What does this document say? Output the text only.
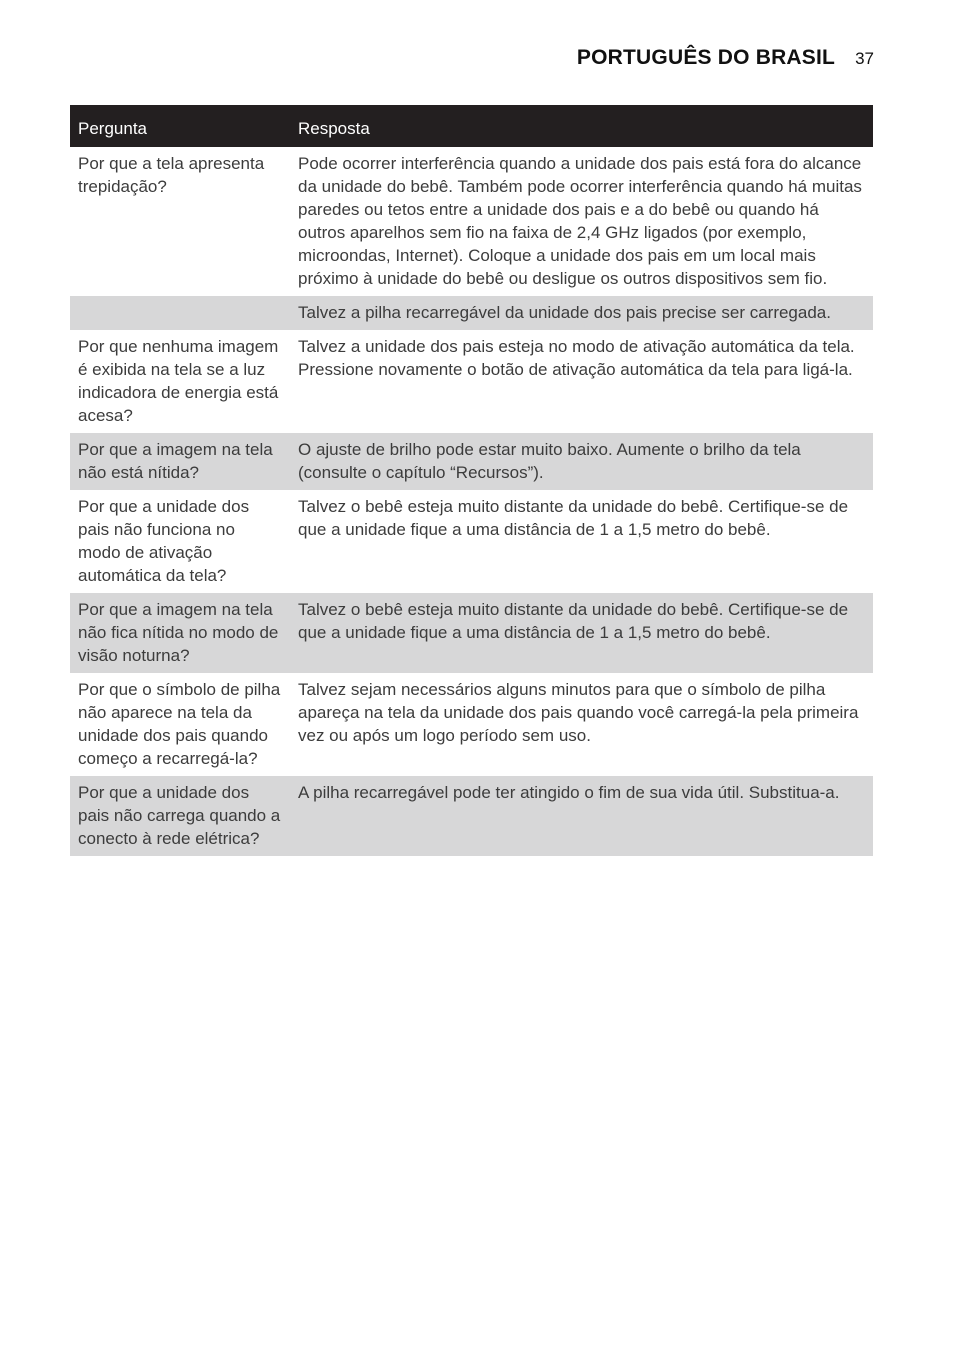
PORTUGUÊS DO BRASIL 37
Pergunta	Resposta
Por que a tela apresenta trepidação?	Pode ocorrer interferência quando a unidade dos pais está fora do alcance da unidade do bebê. Também pode ocorrer interferência quando há muitas paredes ou tetos entre a unidade dos pais e a do bebê ou quando há outros aparelhos sem fio na faixa de 2,4 GHz ligados (por exemplo, microondas, Internet). Coloque a unidade dos pais em um local mais próximo à unidade do bebê ou desligue os outros dispositivos sem fio.
	Talvez a pilha recarregável da unidade dos pais precise ser carregada.
Por que nenhuma imagem é exibida na tela se a luz indicadora de energia está acesa?	Talvez a unidade dos pais esteja no modo de ativação automática da tela. Pressione novamente o botão de ativação automática da tela para ligá-la.
Por que a imagem na tela não está nítida?	O ajuste de brilho pode estar muito baixo. Aumente o brilho da tela (consulte o capítulo “Recursos”).
Por que a unidade dos pais não funciona no modo de ativação automática da tela?	Talvez o bebê esteja muito distante da unidade do bebê. Certifique-se de que a unidade fique a uma distância de 1 a 1,5 metro do bebê.
Por que a imagem na tela não fica nítida no modo de visão noturna?	Talvez o bebê esteja muito distante da unidade do bebê. Certifique-se de que a unidade fique a uma distância de 1 a 1,5 metro do bebê.
Por que o símbolo de pilha não aparece na tela da unidade dos pais quando começo a recarregá-la?	Talvez sejam necessários alguns minutos para que o símbolo de pilha apareça na tela da unidade dos pais quando você carregá-la pela primeira vez ou após um logo período sem uso.
Por que a unidade dos pais não carrega quando a conecto à rede elétrica?	A pilha recarregável pode ter atingido o fim de sua vida útil. Substitua-a.
